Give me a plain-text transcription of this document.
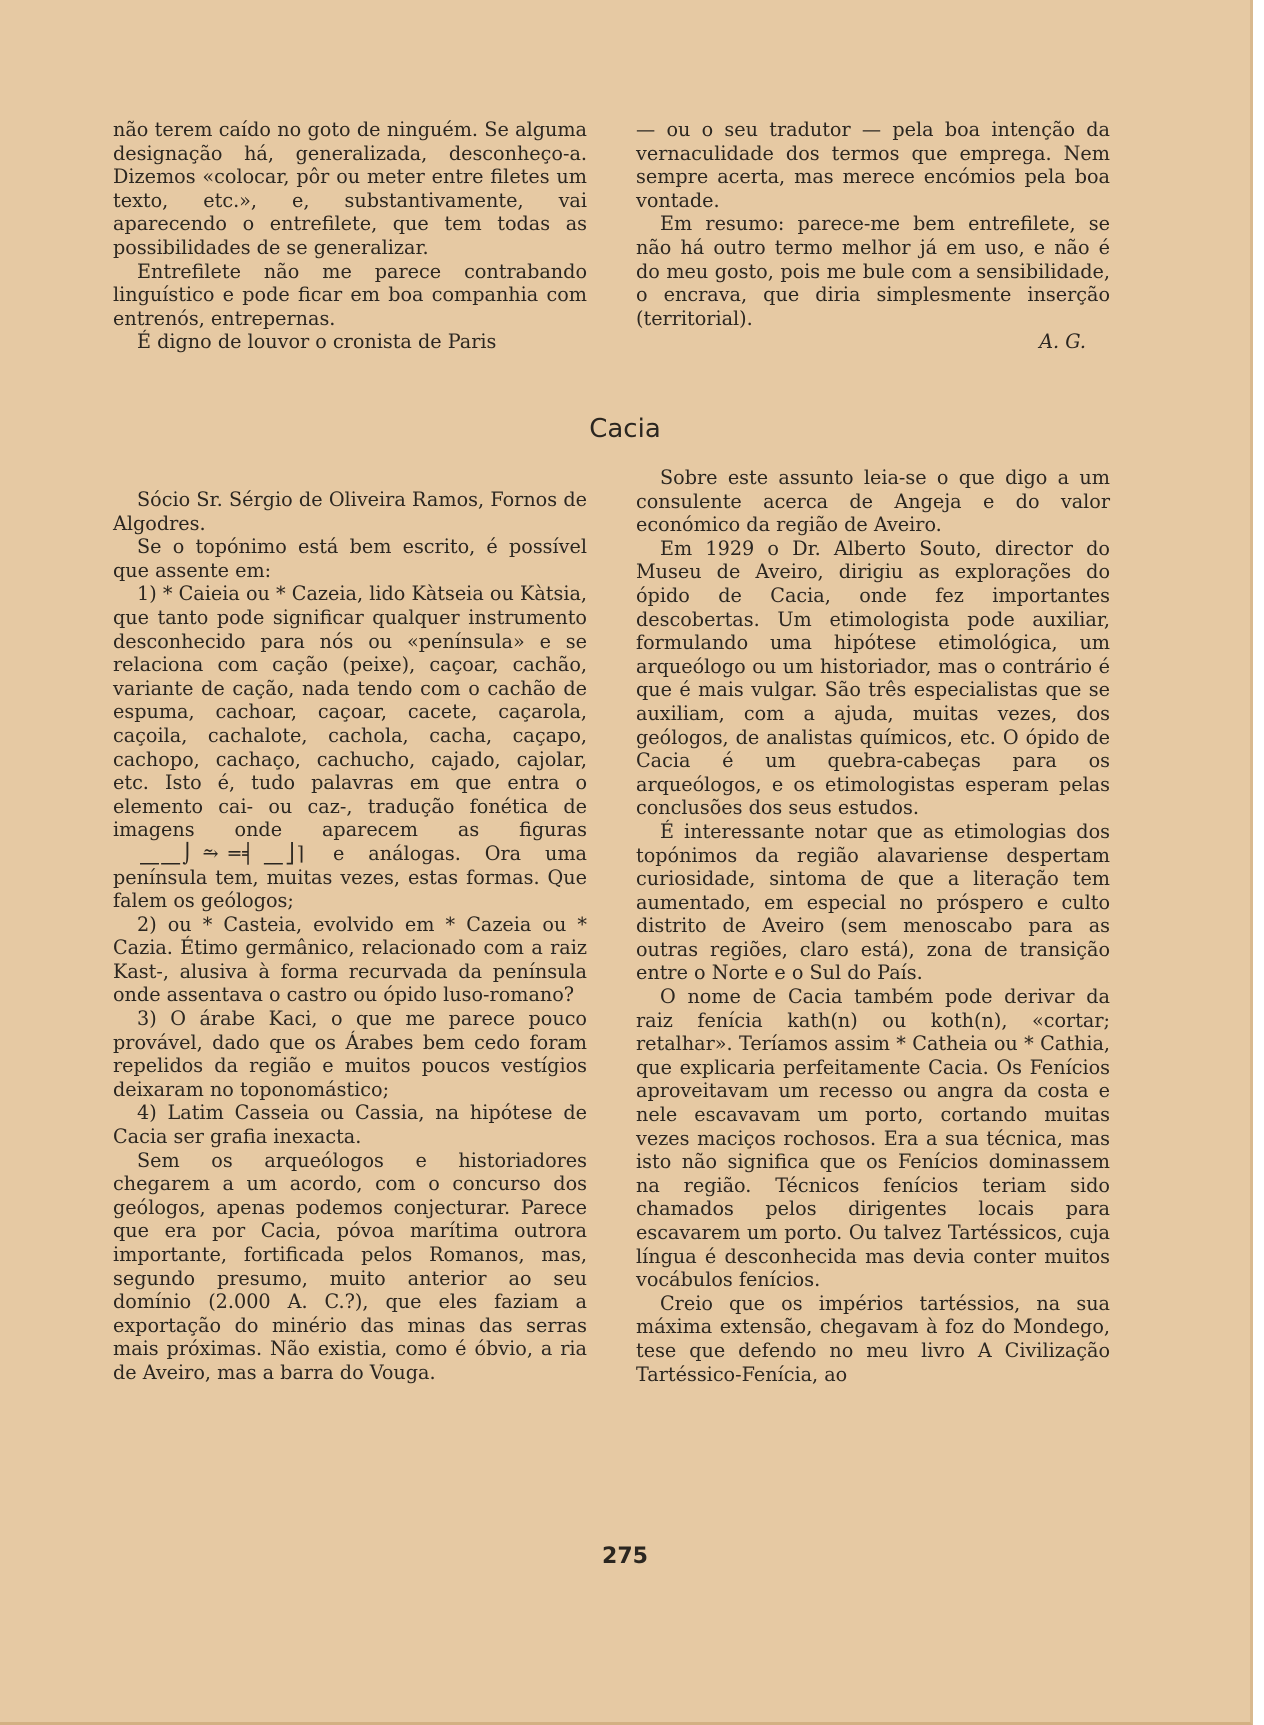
não terem caído no goto de ninguém. Se alguma designação há, generalizada, desconheço-a. Dizemos «colocar, pôr ou meter entre filetes um texto, etc.», e, substantivamente, vai aparecendo o entrefilete, que tem todas as possibilidades de se generalizar.

Entrefilete não me parece contrabando linguístico e pode ficar em boa companhia com entrenós, entrepernas.

É digno de louvor o cronista de Paris

— ou o seu tradutor — pela boa intenção da vernaculidade dos termos que emprega. Nem sempre acerta, mas merece encómios pela boa vontade.

Em resumo: parece-me bem entrefilete, se não há outro termo melhor já em uso, e não é do meu gosto, pois me bule com a sensibilidade, o encrava, que diria simplesmente inserção (territorial).

A. G.

Cacia

Sócio Sr. Sérgio de Oliveira Ramos, Fornos de Algodres.

Se o topónimo está bem escrito, é possível que assente em:

1) * Caieia ou * Cazeia, lido Kàtseia ou Kàtsia, que tanto pode significar qualquer instrumento desconhecido para nós ou «península» e se relaciona com cação (peixe), caçoar, cachão, variante de cação, nada tendo com o cachão de espuma, cachoar, caçoar, cacete, caçarola, caçoila, cachalote, cachola, cacha, caçapo, cachopo, cachaço, cachucho, cajado, cajolar, etc. Isto é, tudo palavras em que entra o elemento cai- ou caz-, tradução fonética de imagens onde aparecem as figuras ⎽⎽⌡ ⥲ ═╡ ⎽⎦⌉ e análogas. Ora uma península tem, muitas vezes, estas formas. Que falem os geólogos;

2) ou * Casteia, evolvido em * Cazeia ou * Cazia. Étimo germânico, relacionado com a raiz Kast-, alusiva à forma recurvada da península onde assentava o castro ou ópido luso-romano?

3) O árabe Kaci, o que me parece pouco provável, dado que os Árabes bem cedo foram repelidos da região e muitos poucos vestígios deixaram no toponomástico;

4) Latim Casseia ou Cassia, na hipótese de Cacia ser grafia inexacta.

Sem os arqueólogos e historiadores chegarem a um acordo, com o concurso dos geólogos, apenas podemos conjecturar. Parece que era por Cacia, póvoa marítima outrora importante, fortificada pelos Romanos, mas, segundo presumo, muito anterior ao seu domínio (2.000 A. C.?), que eles faziam a exportação do minério das minas das serras mais próximas. Não existia, como é óbvio, a ria de Aveiro, mas a barra do Vouga.

Sobre este assunto leia-se o que digo a um consulente acerca de Angeja e do valor económico da região de Aveiro.

Em 1929 o Dr. Alberto Souto, director do Museu de Aveiro, dirigiu as explorações do ópido de Cacia, onde fez importantes descobertas. Um etimologista pode auxiliar, formulando uma hipótese etimológica, um arqueólogo ou um historiador, mas o contrário é que é mais vulgar. São três especialistas que se auxiliam, com a ajuda, muitas vezes, dos geólogos, de analistas químicos, etc. O ópido de Cacia é um quebra-cabeças para os arqueólogos, e os etimologistas esperam pelas conclusões dos seus estudos.

É interessante notar que as etimologias dos topónimos da região alavariense despertam curiosidade, sintoma de que a literação tem aumentado, em especial no próspero e culto distrito de Aveiro (sem menoscabo para as outras regiões, claro está), zona de transição entre o Norte e o Sul do País.

O nome de Cacia também pode derivar da raiz fenícia kath(n) ou koth(n), «cortar; retalhar». Teríamos assim * Catheia ou * Cathia, que explicaria perfeitamente Cacia. Os Fenícios aproveitavam um recesso ou angra da costa e nele escavavam um porto, cortando muitas vezes maciços rochosos. Era a sua técnica, mas isto não significa que os Fenícios dominassem na região. Técnicos fenícios teriam sido chamados pelos dirigentes locais para escavarem um porto. Ou talvez Tartéssicos, cuja língua é desconhecida mas devia conter muitos vocábulos fenícios.

Creio que os impérios tartéssios, na sua máxima extensão, chegavam à foz do Mondego, tese que defendo no meu livro A Civilização Tartéssico-Fenícia, ao

275
